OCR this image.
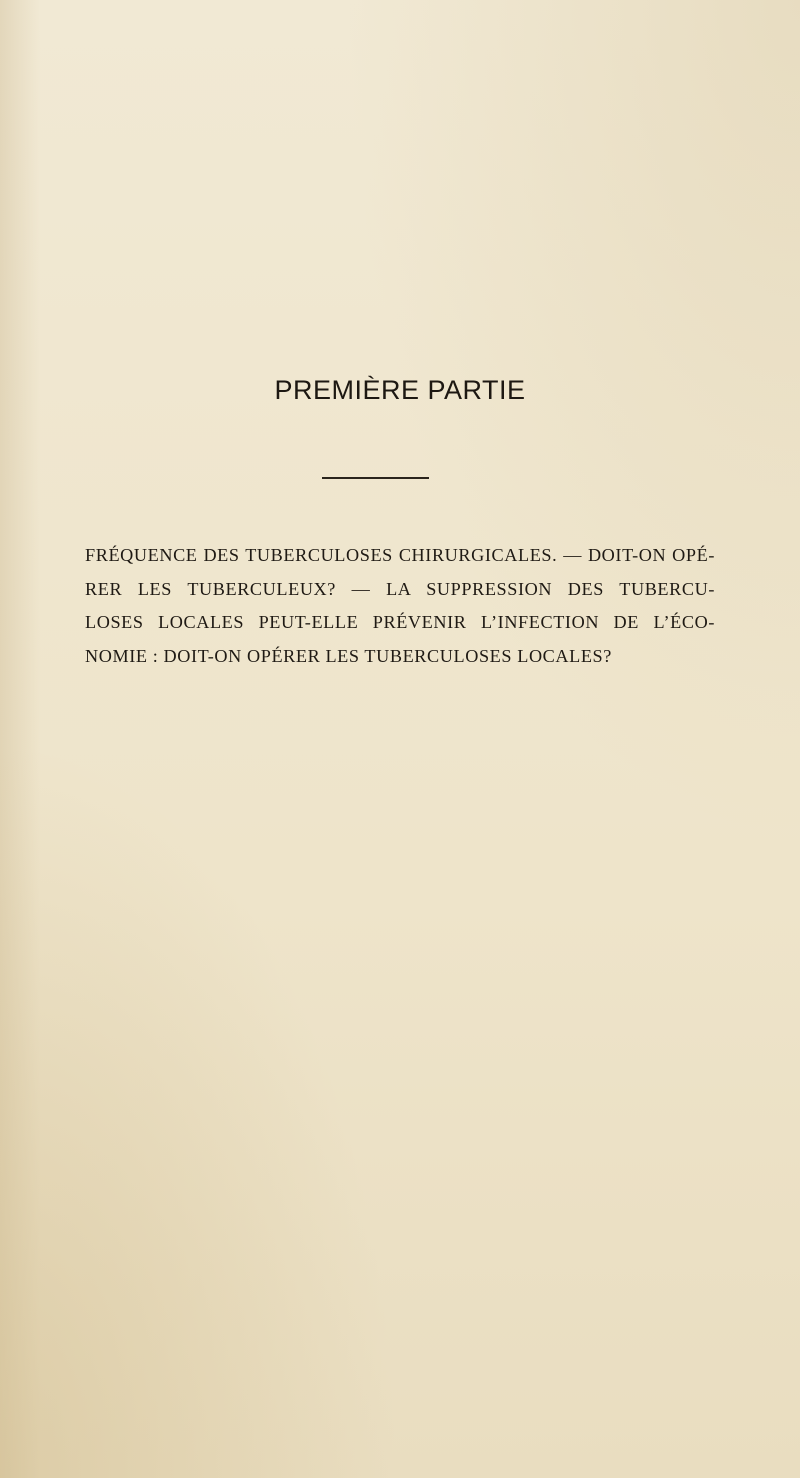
PREMIÈRE PARTIE
FRÉQUENCE DES TUBERCULOSES CHIRURGICALES. — DOIT-ON OPÉ-
RER LES TUBERCULEUX? — LA SUPPRESSION DES TUBERCU-
LOSES LOCALES PEUT-ELLE PRÉVENIR L’INFECTION DE L’ÉCO-
NOMIE : DOIT-ON OPÉRER LES TUBERCULOSES LOCALES?
